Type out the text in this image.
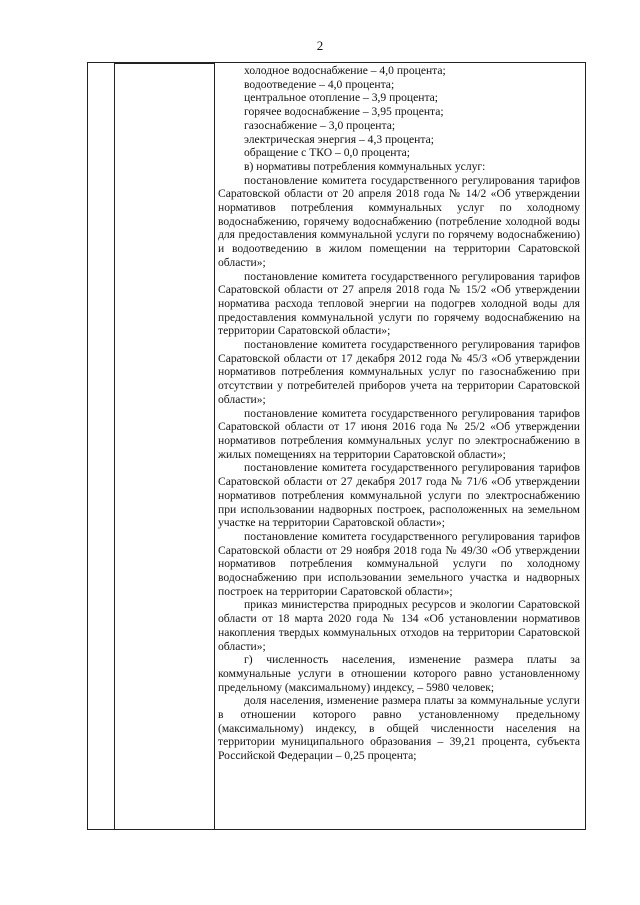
2

холодное водоснабжение – 4,0 процента;

водоотведение – 4,0 процента;

центральное отопление – 3,9 процента;

горячее водоснабжение – 3,95 процента;

газоснабжение – 3,0 процента;

электрическая энергия – 4,3 процента;

обращение с ТКО – 0,0 процента;

в) нормативы потребления коммунальных услуг:

постановление комитета государственного регулирования тарифов Саратовской области от 20 апреля 2018 года № 14/2 «Об утверждении нормативов потребления коммунальных услуг по холодному водоснабжению, горячему водоснабжению (потребление холодной воды для предоставления коммунальной услуги по горячему водоснабжению) и водоотведению в жилом помещении на территории Саратовской области»;

постановление комитета государственного регулирования тарифов Саратовской области от 27 апреля 2018 года № 15/2 «Об утверждении норматива расхода тепловой энергии на подогрев холодной воды для предоставления коммунальной услуги по горячему водоснабжению на территории Саратовской области»;

постановление комитета государственного регулирования тарифов Саратовской области от 17 декабря 2012 года № 45/3 «Об утверждении нормативов потребления коммунальных услуг по газоснабжению при отсутствии у потребителей приборов учета на территории Саратовской области»;

постановление комитета государственного регулирования тарифов Саратовской области от 17 июня 2016 года № 25/2 «Об утверждении нормативов потребления коммунальных услуг по электроснабжению в жилых помещениях на территории Саратовской области»;

постановление комитета государственного регулирования тарифов Саратовской области от 27 декабря 2017 года № 71/6 «Об утверждении нормативов потребления коммунальной услуги по электроснабжению при использовании надворных построек, расположенных на земельном участке на территории Саратовской области»;

постановление комитета государственного регулирования тарифов Саратовской области от 29 ноября 2018 года № 49/30 «Об утверждении нормативов потребления коммунальной услуги по холодному водоснабжению при использовании земельного участка и надворных построек на территории Саратовской области»;

приказ министерства природных ресурсов и экологии Саратовской области от 18 марта 2020 года № 134 «Об установлении нормативов накопления твердых коммунальных отходов на территории Саратовской области»;

г) численность населения, изменение размера платы за коммунальные услуги в отношении которого равно установленному предельному (максимальному) индексу, – 5980 человек;

доля населения, изменение размера платы за коммунальные услуги в отношении которого равно установленному предельному (максимальному) индексу, в общей численности населения на территории муниципального образования – 39,21 процента, субъекта Российской Федерации – 0,25 процента;
